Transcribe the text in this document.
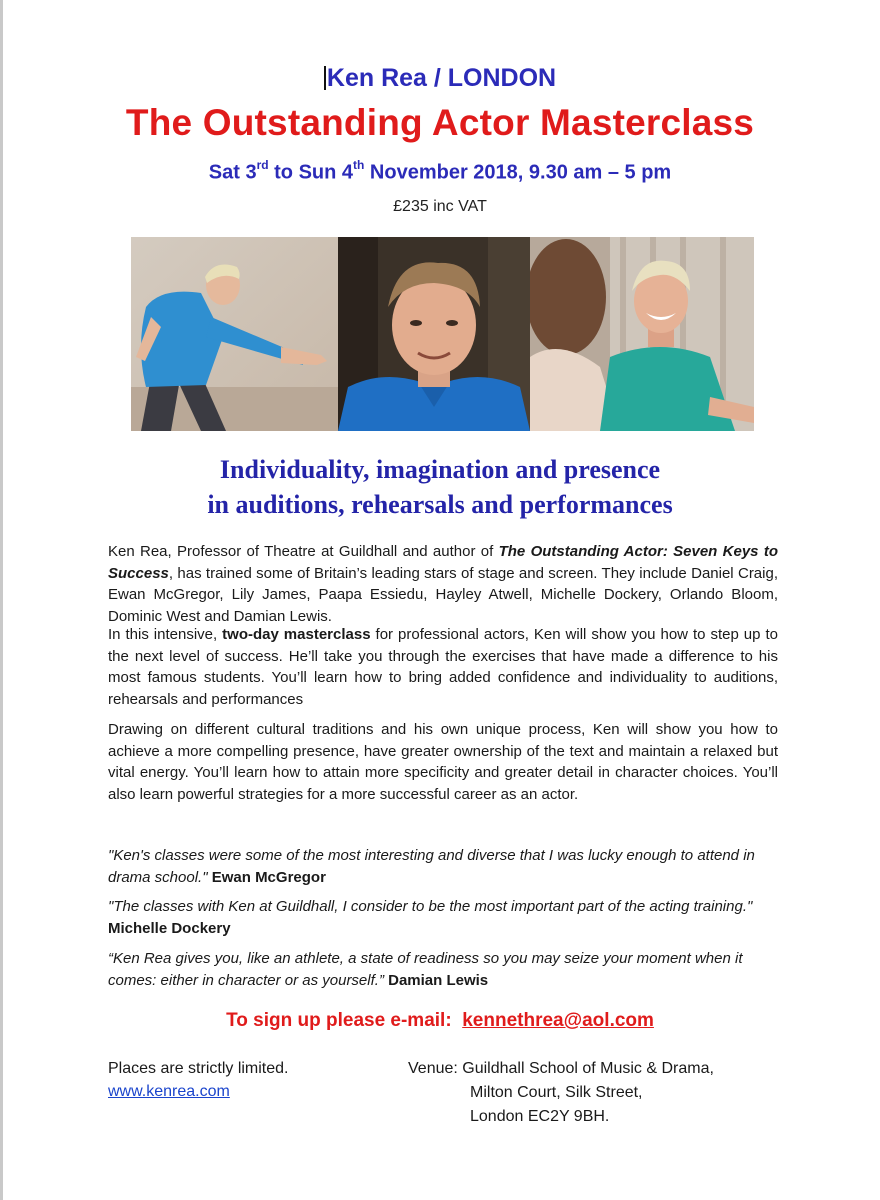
Ken Rea / LONDON
The Outstanding Actor Masterclass
Sat 3rd to Sun 4th November 2018, 9.30 am – 5 pm
£235 inc VAT
Individuality, imagination and presence
in auditions, rehearsals and performances
Ken Rea, Professor of Theatre at Guildhall and author of The Outstanding Actor: Seven Keys to Success, has trained some of Britain’s leading stars of stage and screen. They include Daniel Craig, Ewan McGregor, Lily James, Paapa Essiedu, Hayley Atwell, Michelle Dockery, Orlando Bloom, Dominic West and Damian Lewis.
In this intensive, two-day masterclass for professional actors, Ken will show you how to step up to the next level of success. He’ll take you through the exercises that have made a difference to his most famous students. You’ll learn how to bring added confidence and individuality to auditions, rehearsals and performances
Drawing on different cultural traditions and his own unique process, Ken will show you how to achieve a more compelling presence, have greater ownership of the text and maintain a relaxed but vital energy. You’ll learn how to attain more specificity and greater detail in character choices. You’ll also learn powerful strategies for a more successful career as an actor.
"Ken's classes were some of the most interesting and diverse that I was lucky enough to attend in drama school." Ewan McGregor
"The classes with Ken at Guildhall, I consider to be the most important part of the acting training." Michelle Dockery
“Ken Rea gives you, like an athlete, a state of readiness so you may seize your moment when it comes: either in character or as yourself.” Damian Lewis
To sign up please e-mail:  kennethrea@aol.com
Places are strictly limited.
www.kenrea.com
Venue: Guildhall School of Music & Drama,
Milton Court, Silk Street,
London EC2Y 9BH.
